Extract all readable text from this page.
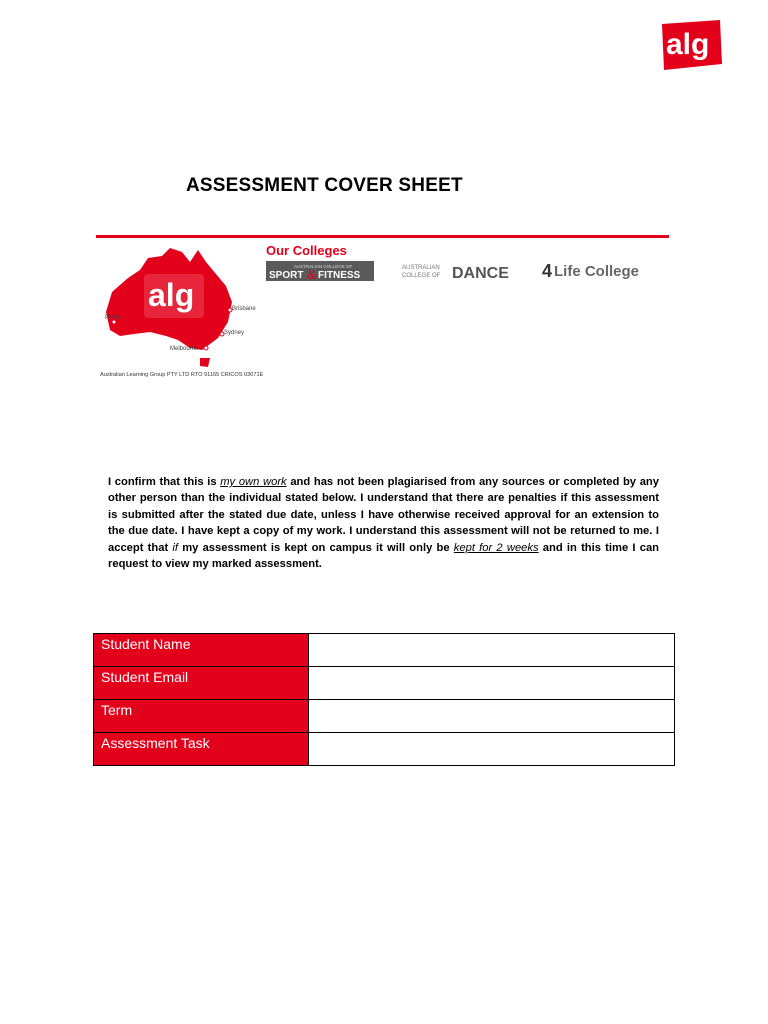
alg
ASSESSMENT COVER SHEET
alg
Perth
Brisbane
Sydney
Melbourne
Australian Learning Group PTY LTD RTO 91165 CRICOS 03071E
Our Colleges
AUSTRALIAN COLLEGE OF
SPORT & FITNESS
AUSTRALIAN
COLLEGE OF DANCE 4 Life College

I confirm that this is my own work and has not been plagiarised from any sources or completed by any other person than the individual stated below. I understand that there are penalties if this assessment is submitted after the stated due date, unless I have otherwise received approval for an extension to the due date. I have kept a copy of my work. I understand this assessment will not be returned to me. I accept that if my assessment is kept on campus it will only be kept for 2 weeks and in this time I can request to view my marked assessment.

Student Name	
Student Email	
Term	
Assessment Task	
